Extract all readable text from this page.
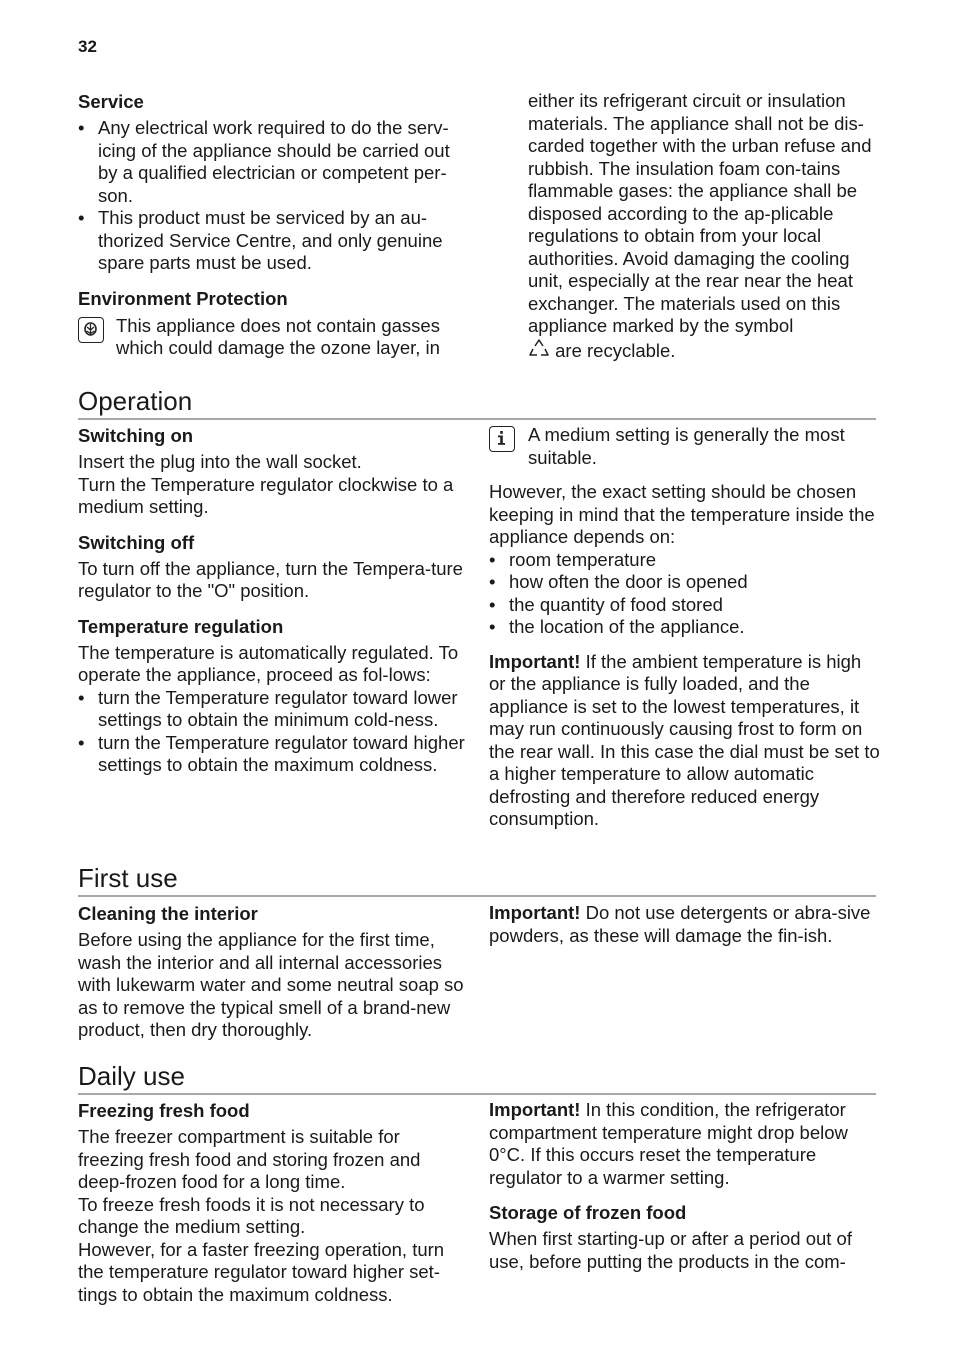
32
Service
• Any electrical work required to do the serv-icing of the appliance should be carried out by a qualified electrician or competent per-son.
• This product must be serviced by an au-thorized Service Centre, and only genuine spare parts must be used.
Environment Protection

This appliance does not contain gasses which could damage the ozone layer, in

either its refrigerant circuit or insulation materials. The appliance shall not be dis-carded together with the urban refuse and rubbish. The insulation foam con-tains flammable gases: the appliance shall be disposed according to the ap-plicable regulations to obtain from your local authorities. Avoid damaging the cooling unit, especially at the rear near the heat exchanger. The materials used on this appliance marked by the symbol

are recyclable.

Operation
Switching on

Insert the plug into the wall socket.

Turn the Temperature regulator clockwise to a medium setting.

Switching off

To turn off the appliance, turn the Tempera-ture regulator to the "O" position.

Temperature regulation

The temperature is automatically regulated. To operate the appliance, proceed as fol-lows:

• turn the Temperature regulator toward lower settings to obtain the minimum cold-ness.
• turn the Temperature regulator toward higher settings to obtain the maximum coldness.

A medium setting is generally the most suitable.

However, the exact setting should be chosen keeping in mind that the temperature inside the appliance depends on:

• room temperature
• how often the door is opened
• the quantity of food stored
• the location of the appliance.

Important! If the ambient temperature is high or the appliance is fully loaded, and the appliance is set to the lowest temperatures, it may run continuously causing frost to form on the rear wall. In this case the dial must be set to a higher temperature to allow automatic defrosting and therefore reduced energy consumption.

First use
Cleaning the interior

Before using the appliance for the first time, wash the interior and all internal accessories with lukewarm water and some neutral soap so as to remove the typical smell of a brand-new product, then dry thoroughly.

Important! Do not use detergents or abra-sive powders, as these will damage the fin-ish.

Daily use
Freezing fresh food

The freezer compartment is suitable for freezing fresh food and storing frozen and deep-frozen food for a long time.

To freeze fresh foods it is not necessary to change the medium setting.

However, for a faster freezing operation, turn the temperature regulator toward higher set-tings to obtain the maximum coldness.

Important! In this condition, the refrigerator compartment temperature might drop below 0°C. If this occurs reset the temperature regulator to a warmer setting.

Storage of frozen food

When first starting-up or after a period out of use, before putting the products in the com-
